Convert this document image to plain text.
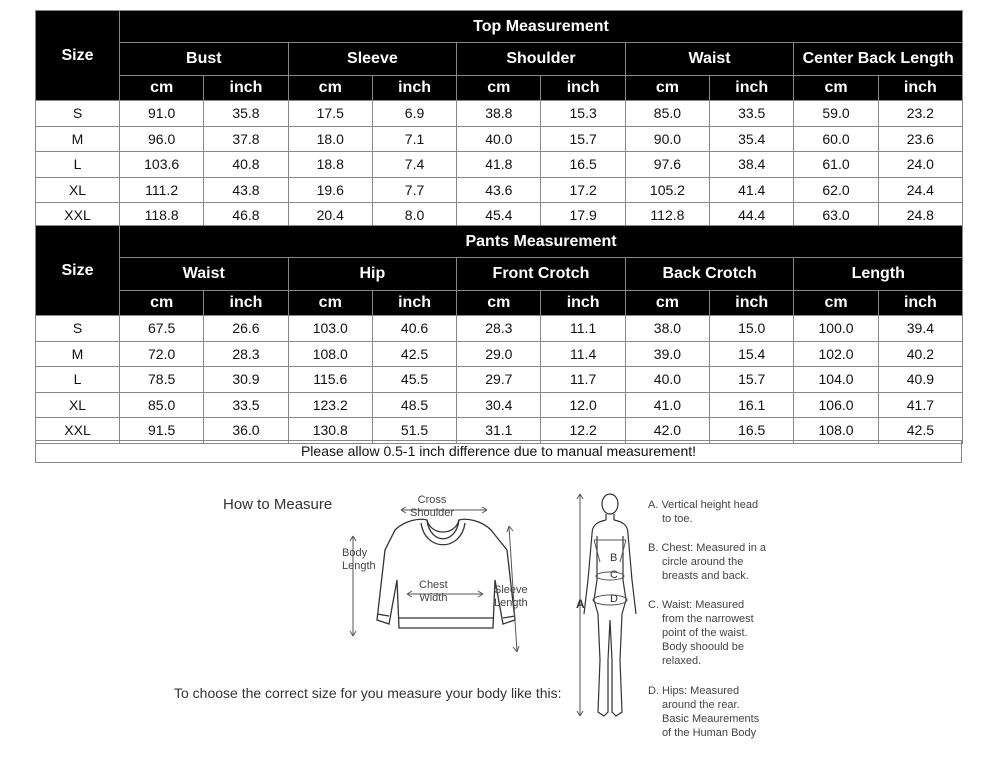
Size	Top Measurement									
	Bust		Sleeve		Shoulder		Waist		Center Back Length	
	cm	inch	cm	inch	cm	inch	cm	inch	cm	inch
S	91.0	35.8	17.5	6.9	38.8	15.3	85.0	33.5	59.0	23.2
M	96.0	37.8	18.0	7.1	40.0	15.7	90.0	35.4	60.0	23.6
L	103.6	40.8	18.8	7.4	41.8	16.5	97.6	38.4	61.0	24.0
XL	111.2	43.8	19.6	7.7	43.6	17.2	105.2	41.4	62.0	24.4
XXL	118.8	46.8	20.4	8.0	45.4	17.9	112.8	44.4	63.0	24.8
Size	Pants Measurement									
	Waist		Hip		Front Crotch		Back Crotch		Length	
	cm	inch	cm	inch	cm	inch	cm	inch	cm	inch
S	67.5	26.6	103.0	40.6	28.3	11.1	38.0	15.0	100.0	39.4
M	72.0	28.3	108.0	42.5	29.0	11.4	39.0	15.4	102.0	40.2
L	78.5	30.9	115.6	45.5	29.7	11.7	40.0	15.7	104.0	40.9
XL	85.0	33.5	123.2	48.5	30.4	12.0	41.0	16.1	106.0	41.7
XXL	91.5	36.0	130.8	51.5	31.1	12.2	42.0	16.5	108.0	42.5
Please allow 0.5-1 inch difference due to manual measurement!
How to Measure
To choose the correct size for you measure your body like this:
Cross
Shoulder
Body
Length
Chest
Width
Sleeve
Length	A
B
C
D
A. Vertical height head
to toe.
B. Chest: Measured in a
circle around the
breasts and back.
C. Waist: Measured
from the narrowest
point of the waist.
Body shoould be
relaxed.
D. Hips: Measured
around the rear.
Basic Meaurements
of the Human Body
